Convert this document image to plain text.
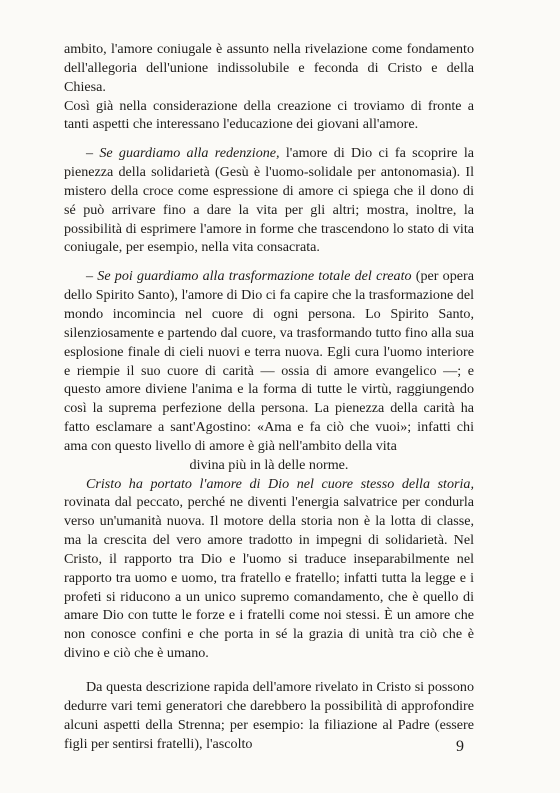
ambito, l'amore coniugale è assunto nella rivelazione come fondamento dell'allegoria dell'unione indissolubile e feconda di Cristo e della Chiesa.

Così già nella considerazione della creazione ci troviamo di fronte a tanti aspetti che interessano l'educazione dei giovani all'amore.

– Se guardiamo alla redenzione, l'amore di Dio ci fa scoprire la pienezza della solidarietà (Gesù è l'uomo-solidale per antonomasia). Il mistero della croce come espressione di amore ci spiega che il dono di sé può arrivare fino a dare la vita per gli altri; mostra, inoltre, la possibilità di esprimere l'amore in forme che trascendono lo stato di vita coniugale, per esempio, nella vita consacrata.

– Se poi guardiamo alla trasformazione totale del creato (per opera dello Spirito Santo), l'amore di Dio ci fa capire che la trasformazione del mondo incomincia nel cuore di ogni persona. Lo Spirito Santo, silenziosamente e partendo dal cuore, va trasformando tutto fino alla sua esplosione finale di cieli nuovi e terra nuova. Egli cura l'uomo interiore e riempie il suo cuore di carità — ossia di amore evangelico —; e questo amore diviene l'anima e la forma di tutte le virtù, raggiungendo così la suprema perfezione della persona. La pienezza della carità ha fatto esclamare a sant'Agostino: «Ama e fa ciò che vuoi»; infatti chi ama con questo livello di amore è già nell'ambito della vita

divina più in là delle norme.

Cristo ha portato l'amore di Dio nel cuore stesso della storia, rovinata dal peccato, perché ne diventi l'energia salvatrice per condurla verso un'umanità nuova. Il motore della storia non è la lotta di classe, ma la crescita del vero amore tradotto in impegni di solidarietà. Nel Cristo, il rapporto tra Dio e l'uomo si traduce inseparabilmente nel rapporto tra uomo e uomo, tra fratello e fratello; infatti tutta la legge e i profeti si riducono a un unico supremo comandamento, che è quello di amare Dio con tutte le forze e i fratelli come noi stessi. È un amore che non conosce confini e che porta in sé la grazia di unità tra ciò che è divino e ciò che è umano.

Da questa descrizione rapida dell'amore rivelato in Cristo si possono dedurre vari temi generatori che darebbero la possibilità di approfondire alcuni aspetti della Strenna; per esempio: la filiazione al Padre (essere figli per sentirsi fratelli), l'ascolto	9
